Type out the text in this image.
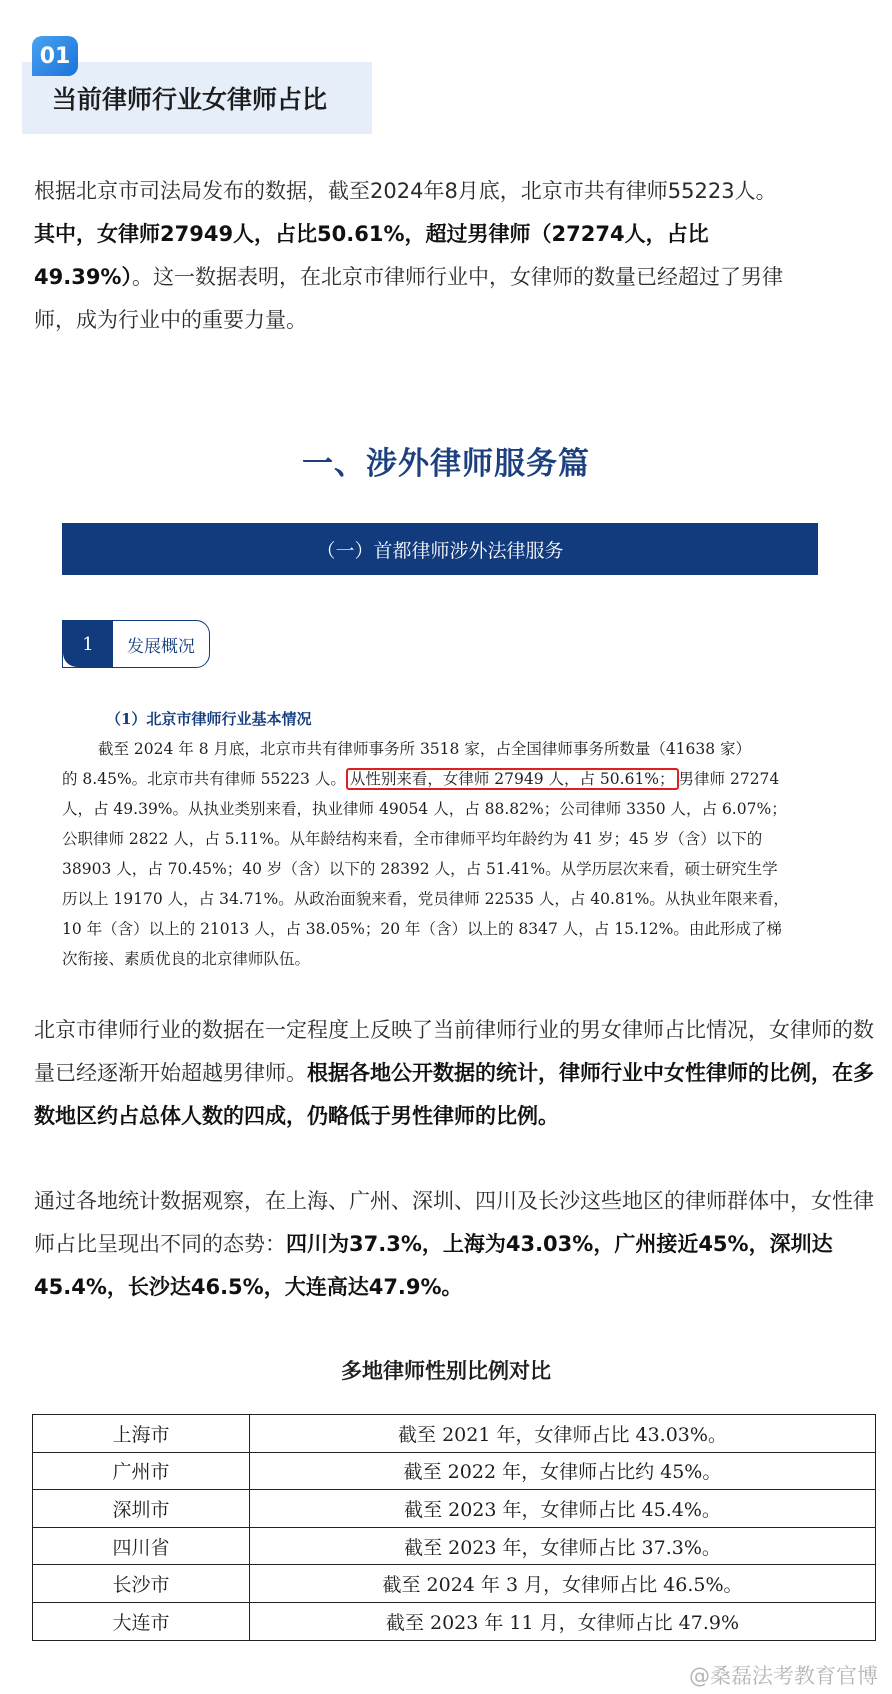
01
当前律师行业女律师占比
根据北京市司法局发布的数据，截至2024年8月底，北京市共有律师55223人。
其中，女律师27949人，占比50.61%，超过男律师（27274人，占比
49.39%）。这一数据表明，在北京市律师行业中，女律师的数量已经超过了男律
师，成为行业中的重要力量。
一、涉外律师服务篇
（一）首都律师涉外法律服务
1	发展概况
（1）北京市律师行业基本情况
截至 2024 年 8 月底，北京市共有律师事务所 3518 家，占全国律师事务所数量（41638 家）
的 8.45%。北京市共有律师 55223 人。 从性别来看，女律师 27949 人，占 50.61%； 男律师 27274
人，占 49.39%。从执业类别来看，执业律师 49054 人，占 88.82%；公司律师 3350 人，占 6.07%；
公职律师 2822 人，占 5.11%。从年龄结构来看，全市律师平均年龄约为 41 岁；45 岁（含）以下的
38903 人，占 70.45%；40 岁（含）以下的 28392 人，占 51.41%。从学历层次来看，硕士研究生学
历以上 19170 人，占 34.71%。从政治面貌来看，党员律师 22535 人，占 40.81%。从执业年限来看，
10 年（含）以上的 21013 人，占 38.05%；20 年（含）以上的 8347 人，占 15.12%。由此形成了梯
次衔接、素质优良的北京律师队伍。
北京市律师行业的数据在一定程度上反映了当前律师行业的男女律师占比情况，女律师的数量已经逐渐开始超越男律师。根据各地公开数据的统计，律师行业中女性律师的比例，在多数地区约占总体人数的四成，仍略低于男性律师的比例。
通过各地统计数据观察，在上海、广州、深圳、四川及长沙这些地区的律师群体中，女性律师占比呈现出不同的态势：四川为37.3%，上海为43.03%，广州接近45%，深圳达45.4%，长沙达46.5%，大连高达47.9%。
多地律师性别比例对比
上海市	截至 2021 年，女律师占比 43.03%。
广州市	截至 2022 年，女律师占比约 45%。
深圳市	截至 2023 年，女律师占比 45.4%。
四川省	截至 2023 年，女律师占比 37.3%。
长沙市	截至 2024 年 3 月，女律师占比 46.5%。
大连市	截至 2023 年 11 月，女律师占比 47.9%
@桑磊法考教育官博
